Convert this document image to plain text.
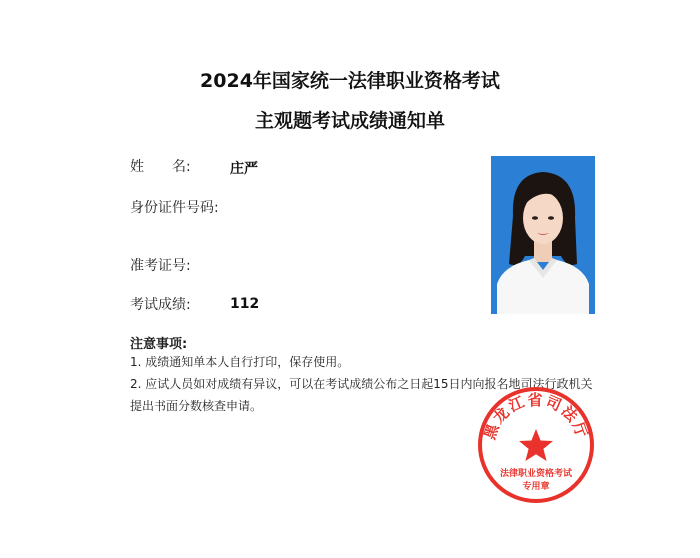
2024年国家统一法律职业资格考试
主观题考试成绩通知单
姓　　名:	庄严
身份证件号码:
准考证号:
考试成绩:	112
注意事项:
1. 成绩通知单本人自行打印，保存使用。
2. 应试人员如对成绩有异议，可以在考试成绩公布之日起15日内向报名地司法行政机关提出书面分数核查申请。
黑龙江省司法厅
法律职业资格考试
专用章
